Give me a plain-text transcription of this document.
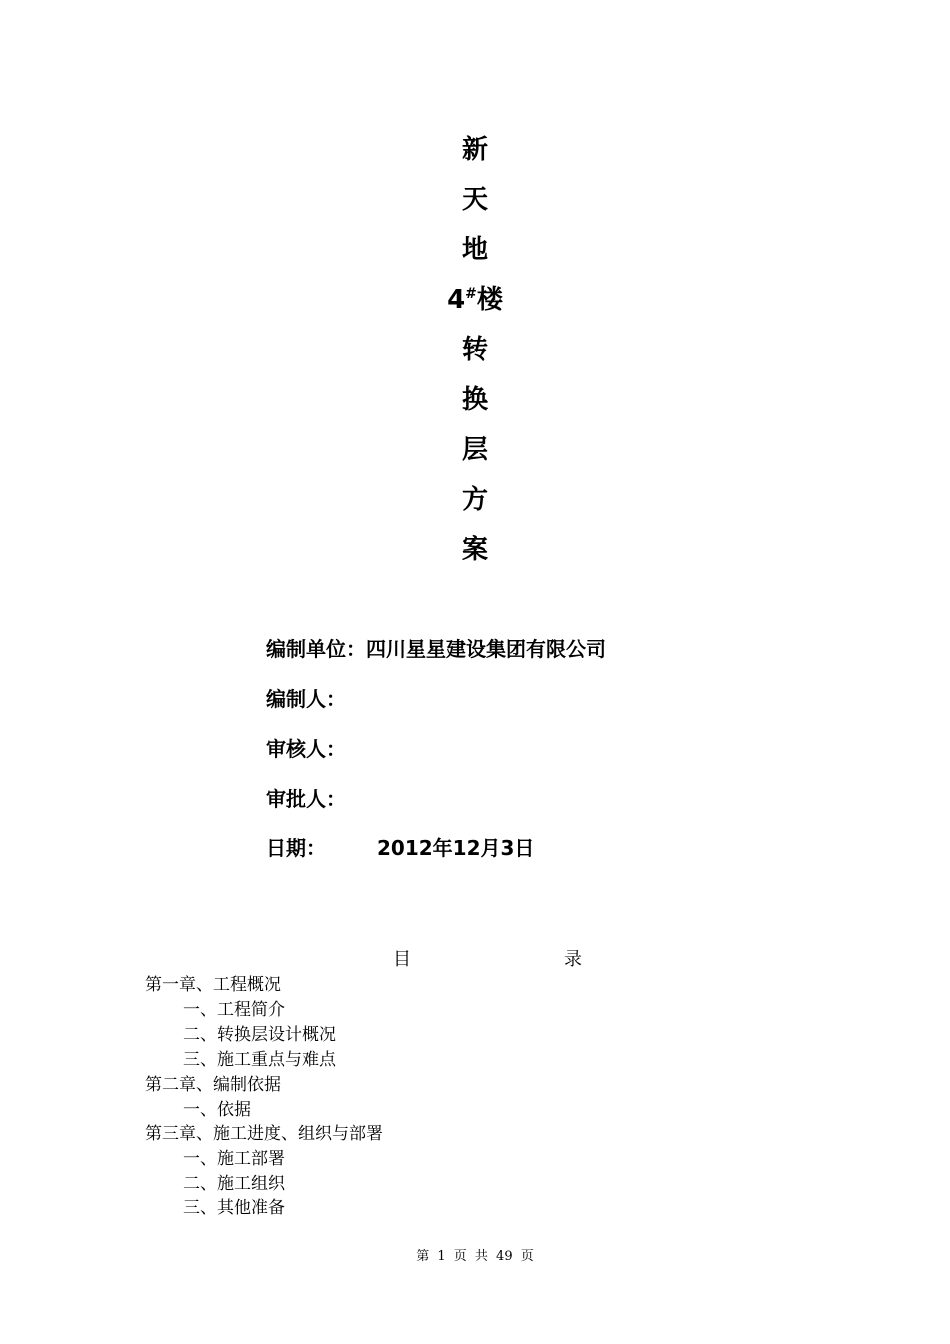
新
天
地
4#楼
转
换
层
方
案
编制单位：四川星星建设集团有限公司
编制人：
审核人：
审批人：
日期：	2012年12月3日
目	录
第一章、工程概况
一、工程简介
二、转换层设计概况
三、施工重点与难点
第二章、编制依据
一、依据
第三章、施工进度、组织与部署
一、施工部署
二、施工组织
三、其他准备
第 1 页 共 49 页
